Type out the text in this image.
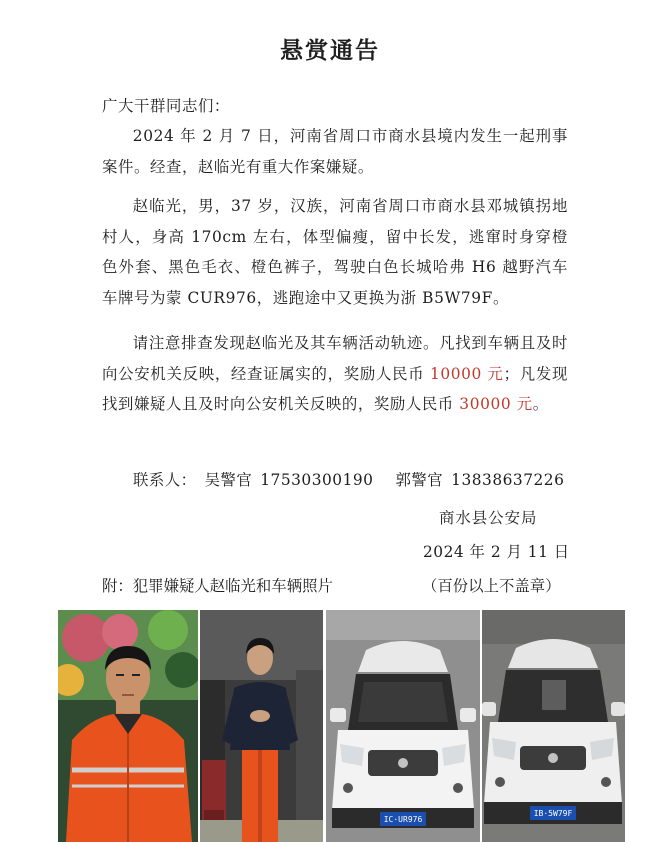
悬赏通告
广大干群同志们：
2024 年 2 月 7 日，河南省周口市商水县境内发生一起刑事案件。经查，赵临光有重大作案嫌疑。
赵临光，男，37 岁，汉族，河南省周口市商水县邓城镇拐地村人，身高 170cm 左右，体型偏瘦，留中长发，逃窜时身穿橙色外套、黑色毛衣、橙色裤子，驾驶白色长城哈弗 H6 越野汽车车牌号为蒙 CUR976，逃跑途中又更换为浙 B5W79F。
请注意排查发现赵临光及其车辆活动轨迹。凡找到车辆且及时向公安机关反映，经查证属实的，奖励人民币 10000 元；凡发现找到嫌疑人且及时向公安机关反映的，奖励人民币 30000 元。
联系人： 吴警官 17530300190 郭警官 13838637226
商水县公安局
2024 年 2 月 11 日
附：犯罪嫌疑人赵临光和车辆照片	（百份以上不盖章）
IC·UR976
IB·5W79F
